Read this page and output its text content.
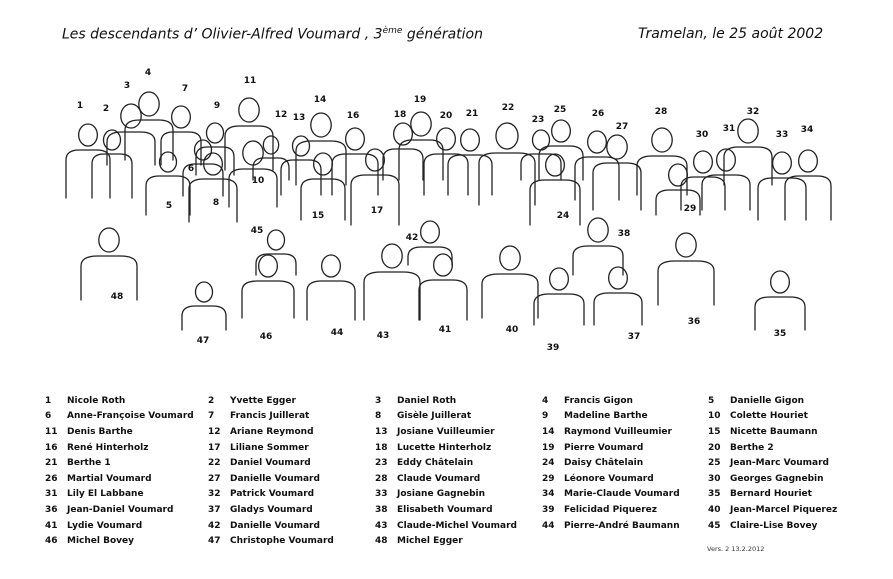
Les descendants d’ Olivier-Alfred Voumard , 3ème génération	Tramelan, le 25 août 2002
1 2
3
4
5
6
7
8
9
10
11
12 13
14
15
16
17
18
19
20 21
22
23
24
25	26
27
28
29
30
31
32
33 34
35
36
37
38
39
40
41
42
43
44
45
46
47
48
1	Nicole Roth
6	Anne-Françoise Voumard
11	Denis Barthe
16	René Hinterholz
21	Berthe 1
26	Martial Voumard
31	Lily El Labbane
36	Jean-Daniel Voumard
41	Lydie Voumard
46	Michel Bovey
2	Yvette Egger
7	Francis Juillerat
12	Ariane Reymond
17	Liliane Sommer
22	Daniel Voumard
27	Danielle Voumard
32	Patrick Voumard
37	Gladys Voumard
42	Danielle Voumard
47	Christophe Voumard
3	Daniel Roth
8	Gisèle Juillerat
13	Josiane Vuilleumier
18	Lucette Hinterholz
23	Eddy Châtelain
28	Claude Voumard
33	Josiane Gagnebin
38	Elisabeth Voumard
43	Claude-Michel Voumard
48	Michel Egger
4	Francis Gigon
9	Madeline Barthe
14	Raymond Vuilleumier
19	Pierre Voumard
24	Daisy Châtelain
29	Léonore Voumard
34	Marie-Claude Voumard
39	Felicidad Piquerez
44	Pierre-André Baumann
5	Danielle Gigon
10	Colette Houriet
15	Nicette Baumann
20	Berthe 2
25	Jean-Marc Voumard
30	Georges Gagnebin
35	Bernard Houriet
40	Jean-Marcel Piquerez
45	Claire-Lise Bovey
Vers. 2 13.2.2012
